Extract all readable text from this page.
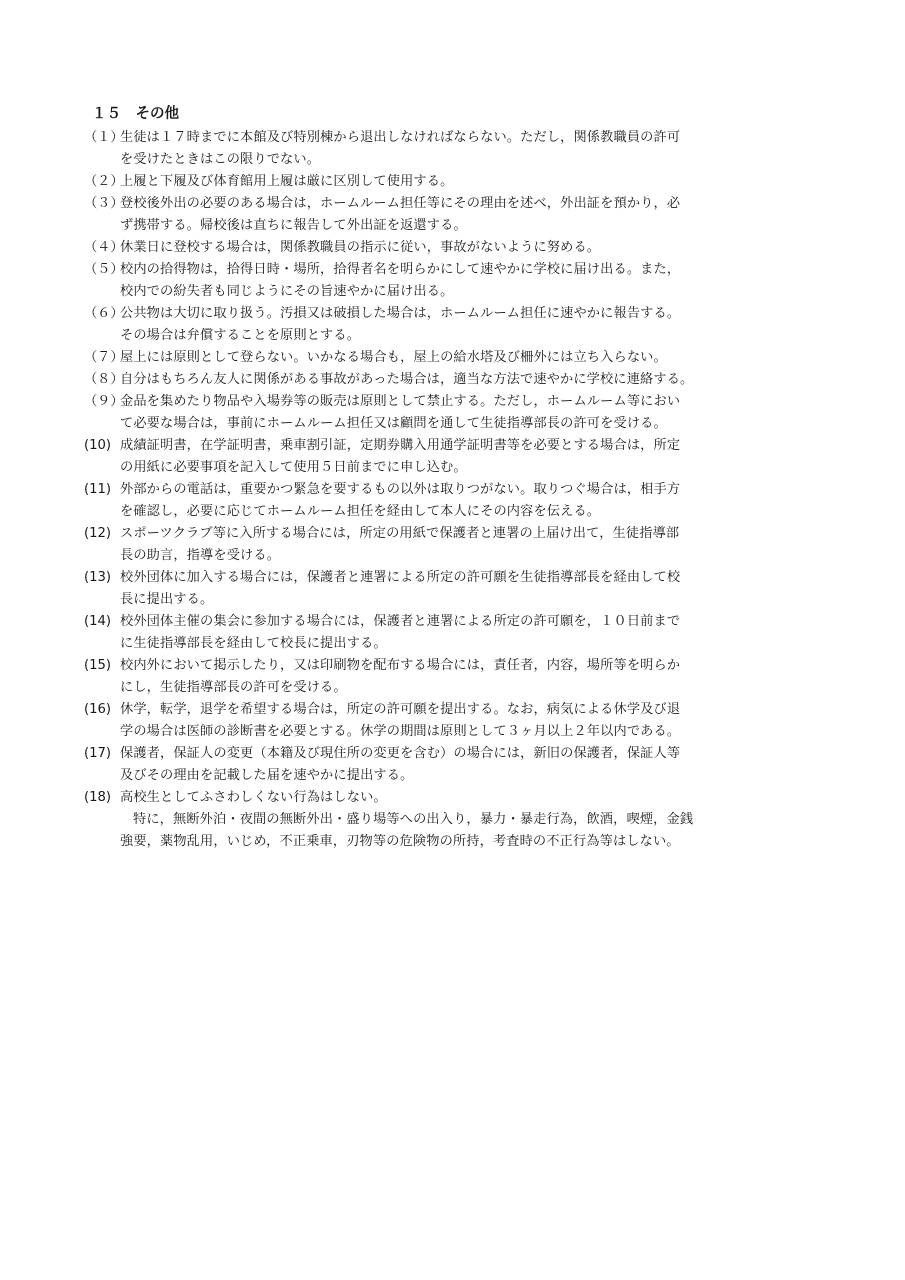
１５　 その他
（１）
生徒は１７時までに本館及び特別棟から退出しなければならない。ただし，関係教職員の許可
を受けたときはこの限りでない。
（２）
上履と下履及び体育館用上履は厳に区別して使用する。
（３）
登校後外出の必要のある場合は，ホームルーム担任等にその理由を述べ，外出証を預かり，必
ず携帯する。帰校後は直ちに報告して外出証を返還する。
（４）
休業日に登校する場合は，関係教職員の指示に従い，事故がないように努める。
（５）
校内の拾得物は，拾得日時・場所，拾得者名を明らかにして速やかに学校に届け出る。また，
校内での紛失者も同じようにその旨速やかに届け出る。
（６）
公共物は大切に取り扱う。汚損又は破損した場合は，ホームルーム担任に速やかに報告する。
その場合は弁償することを原則とする。
（７）
屋上には原則として登らない。いかなる場合も，屋上の給水塔及び柵外には立ち入らない。
（８）
自分はもちろん友人に関係がある事故があった場合は，適当な方法で速やかに学校に連絡する。
（９）
金品を集めたり物品や入場券等の販売は原則として禁止する。ただし，ホームルーム等におい
て必要な場合は，事前にホームルーム担任又は顧問を通して生徒指導部長の許可を受ける。
(10) 成績証明書，在学証明書，乗車割引証，定期券購入用通学証明書等を必要とする場合は，所定
の用紙に必要事項を記入して使用５日前までに申し込む。
(11) 外部からの電話は，重要かつ緊急を要するもの以外は取りつがない。取りつぐ場合は，相手方
を確認し，必要に応じてホームルーム担任を経由して本人にその内容を伝える。
(12) スポーツクラブ等に入所する場合には，所定の用紙で保護者と連署の上届け出て，生徒指導部
長の助言，指導を受ける。
(13) 校外団体に加入する場合には，保護者と連署による所定の許可願を生徒指導部長を経由して校
長に提出する。
(14) 校外団体主催の集会に参加する場合には，保護者と連署による所定の許可願を，１０日前まで
に生徒指導部長を経由して校長に提出する。
(15) 校内外において掲示したり，又は印刷物を配布する場合には，責任者，内容，場所等を明らか
にし，生徒指導部長の許可を受ける。
(16) 休学，転学，退学を希望する場合は，所定の許可願を提出する。なお，病気による休学及び退
学の場合は医師の診断書を必要とする。休学の期間は原則として３ヶ月以上２年以内である。
(17) 保護者，保証人の変更（本籍及び現住所の変更を含む）の場合には，新旧の保護者，保証人等
及びその理由を記載した届を速やかに提出する。
(18) 高校生としてふさわしくない行為はしない。
特に，無断外泊・夜間の無断外出・盛り場等への出入り，暴力・暴走行為，飲酒，喫煙，金銭
強要，薬物乱用，いじめ，不正乗車，刃物等の危険物の所持，考査時の不正行為等はしない。
